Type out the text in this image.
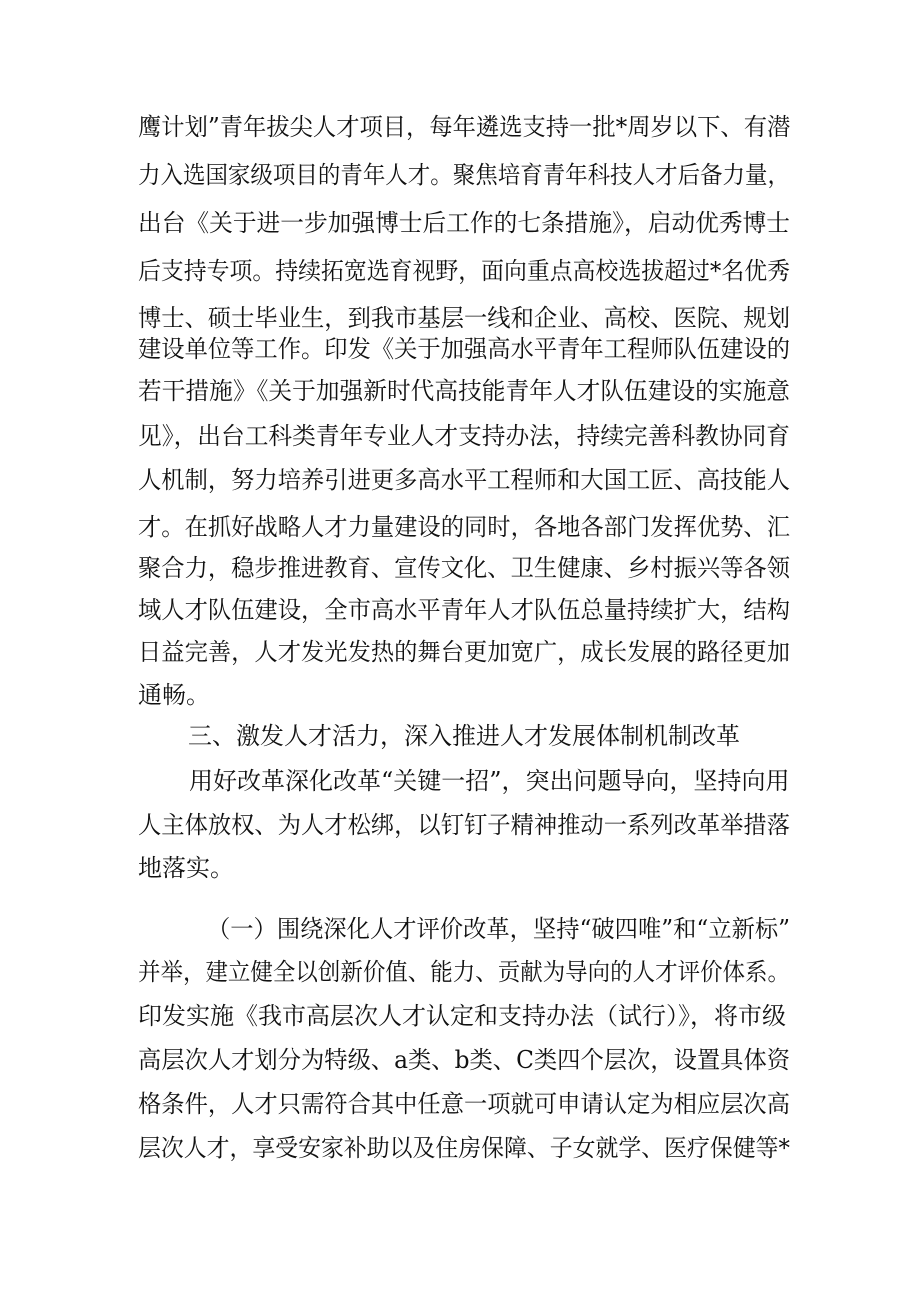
鹰计划”青年拔尖人才项目，每年遴选支持一批*周岁以下、有潜
力入选国家级项目的青年人才。聚焦培育青年科技人才后备力量，
出台《关于进一步加强博士后工作的七条措施》，启动优秀博士
后支持专项。持续拓宽选育视野，面向重点高校选拔超过*名优秀
博士、硕士毕业生，到我市基层一线和企业、高校、医院、规划
建设单位等工作。印发《关于加强高水平青年工程师队伍建设的
若干措施》《关于加强新时代高技能青年人才队伍建设的实施意
见》，出台工科类青年专业人才支持办法，持续完善科教协同育
人机制，努力培养引进更多高水平工程师和大国工匠、高技能人
才。在抓好战略人才力量建设的同时，各地各部门发挥优势、汇
聚合力，稳步推进教育、宣传文化、卫生健康、乡村振兴等各领
域人才队伍建设，全市高水平青年人才队伍总量持续扩大，结构
日益完善，人才发光发热的舞台更加宽广，成长发展的路径更加
通畅。
三、激发人才活力，深入推进人才发展体制机制改革
用好改革深化改革“关键一招”，突出问题导向，坚持向用
人主体放权、为人才松绑，以钉钉子精神推动一系列改革举措落
地落实。
（一）围绕深化人才评价改革，坚持“破四唯”和“立新标”
并举，建立健全以创新价值、能力、贡献为导向的人才评价体系。
印发实施《我市高层次人才认定和支持办法（试行）》，将市级
高层次人才划分为特级、a类、b类、C类四个层次，设置具体资
格条件，人才只需符合其中任意一项就可申请认定为相应层次高
层次人才，享受安家补助以及住房保障、子女就学、医疗保健等*
